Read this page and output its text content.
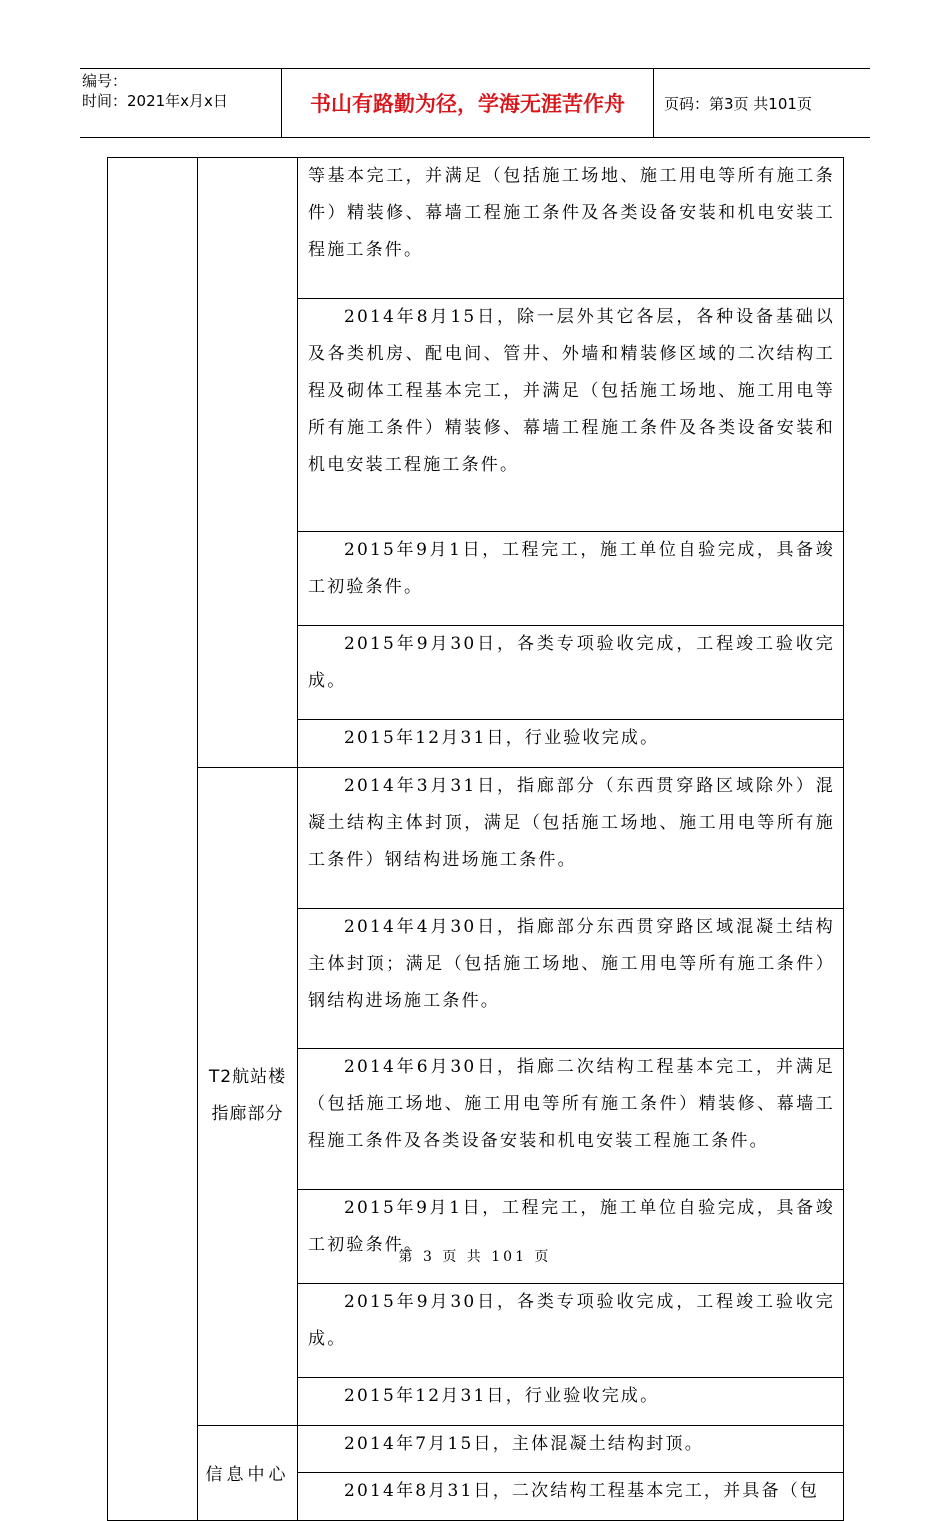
编号：
时间：2021年x月x日	书山有路勤为径，学海无涯苦作舟	页码：第3页 共101页

		等基本完工，并满足（包括施工场地、施工用电等所有施工条件）精装修、幕墙工程施工条件及各类设备安装和机电安装工程施工条件。

		2014年8月15日，除一层外其它各层，各种设备基础以及各类机房、配电间、管井、外墙和精装修区域的二次结构工程及砌体工程基本完工，并满足（包括施工场地、施工用电等所有施工条件）精装修、幕墙工程施工条件及各类设备安装和机电安装工程施工条件。

		2015年9月1日，工程完工，施工单位自验完成，具备竣工初验条件。

		2015年9月30日，各类专项验收完成，工程竣工验收完成。

		2015年12月31日，行业验收完成。

	T2航站楼
指廊部分	2014年3月31日，指廊部分（东西贯穿路区域除外）混凝土结构主体封顶，满足（包括施工场地、施工用电等所有施工条件）钢结构进场施工条件。

		2014年4月30日，指廊部分东西贯穿路区域混凝土结构主体封顶；满足（包括施工场地、施工用电等所有施工条件）钢结构进场施工条件。

		2014年6月30日，指廊二次结构工程基本完工，并满足（包括施工场地、施工用电等所有施工条件）精装修、幕墙工程施工条件及各类设备安装和机电安装工程施工条件。

		2015年9月1日，工程完工，施工单位自验完成，具备竣工初验条件。

		2015年9月30日，各类专项验收完成，工程竣工验收完成。

		2015年12月31日，行业验收完成。

	信息中心	2014年7月15日，主体混凝土结构封顶。

		2014年8月31日，二次结构工程基本完工，并具备（包
第 3 页 共 101 页
